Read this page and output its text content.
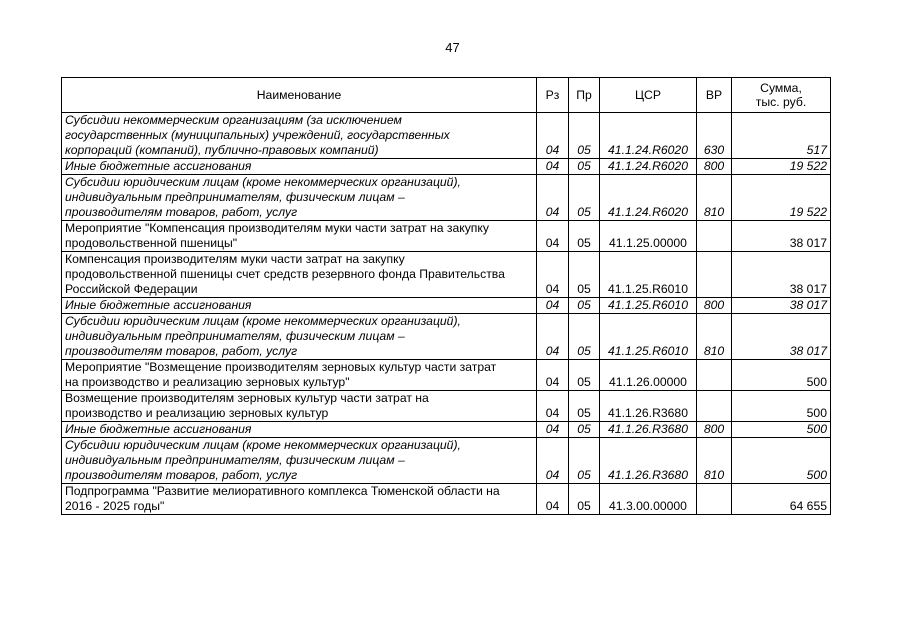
47
Наименование	Рз	Пр	ЦСР	ВР	Сумма,
тыс. руб.
Субсидии некоммерческим организациям (за исключением
государственных (муниципальных) учреждений, государственных
корпораций (компаний), публично-правовых компаний)	04	05	41.1.24.R6020	630	517
Иные бюджетные ассигнования	04	05	41.1.24.R6020	800	19 522
Субсидии юридическим лицам (кроме некоммерческих организаций),
индивидуальным предпринимателям, физическим лицам –
производителям товаров, работ, услуг	04	05	41.1.24.R6020	810	19 522
Мероприятие "Компенсация производителям муки части затрат на закупку
продовольственной пшеницы"	04	05	41.1.25.00000		38 017
Компенсация производителям муки части затрат на закупку
продовольственной пшеницы счет средств резервного фонда Правительства
Российской Федерации	04	05	41.1.25.R6010		38 017
Иные бюджетные ассигнования	04	05	41.1.25.R6010	800	38 017
Субсидии юридическим лицам (кроме некоммерческих организаций),
индивидуальным предпринимателям, физическим лицам –
производителям товаров, работ, услуг	04	05	41.1.25.R6010	810	38 017
Мероприятие "Возмещение производителям зерновых культур части затрат
на производство и реализацию зерновых культур"	04	05	41.1.26.00000		500
Возмещение производителям зерновых культур части затрат на
производство и реализацию зерновых культур	04	05	41.1.26.R3680		500
Иные бюджетные ассигнования	04	05	41.1.26.R3680	800	500
Субсидии юридическим лицам (кроме некоммерческих организаций),
индивидуальным предпринимателям, физическим лицам –
производителям товаров, работ, услуг	04	05	41.1.26.R3680	810	500
Подпрограмма "Развитие мелиоративного комплекса Тюменской области на
2016 - 2025 годы"	04	05	41.3.00.00000		64 655
